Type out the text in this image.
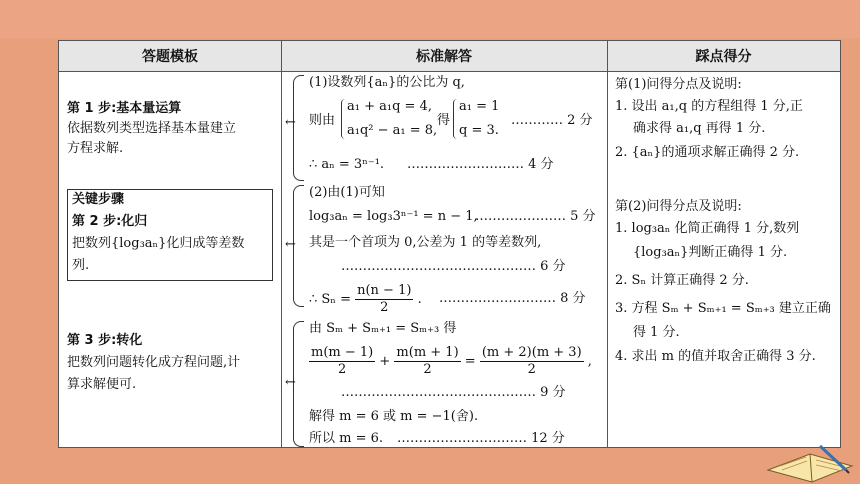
答题模板	标准解答	踩点得分
第 1 步:基本量运算
依据数列类型选择基本量建立
方程求解.
关键步骤
第 2 步:化归
把数列{log₃aₙ}化归成等差数
列.
第 3 步:转化
把数列问题转化成方程问题,计
算求解便可.
←
(1)设数列{aₙ}的公比为 q,
则由
a₁ + a₁q = 4,
a₁q² − a₁ = 8,
得
a₁ = 1
q = 3.
………… 2 分
∴ aₙ = 3ⁿ⁻¹. ……………………… 4 分
←
(2)由(1)可知
log₃aₙ = log₃3ⁿ⁻¹ = n − 1,
………………… 5 分
其是一个首项为 0,公差为 1 的等差数列,
……………………………………… 6 分
∴ $S_n = \frac{n(n - 1)}{2}$ . ……………………… 8 分
←
由 Sₘ + Sₘ₊₁ = Sₘ₊₃ 得
$\frac{m(m - 1)}{2} + \frac{m(m + 1)}{2} = \frac{(m + 2)(m + 3)}{2}$ ,
……………………………………… 9 分
解得 m = 6 或 m = −1(舍).
所以 m = 6. ………………………… 12 分
第(1)问得分点及说明:
1. 设出 a₁,q 的方程组得 1 分,正
确求得 a₁,q 再得 1 分.
2. {aₙ}的通项求解正确得 2 分.
第(2)问得分点及说明:
1. log₃aₙ 化简正确得 1 分,数列
{log₃aₙ}判断正确得 1 分.
2. Sₙ 计算正确得 2 分.
3. 方程 Sₘ + Sₘ₊₁ = Sₘ₊₃ 建立正确
得 1 分.
4. 求出 m 的值并取舍正确得 3 分.
